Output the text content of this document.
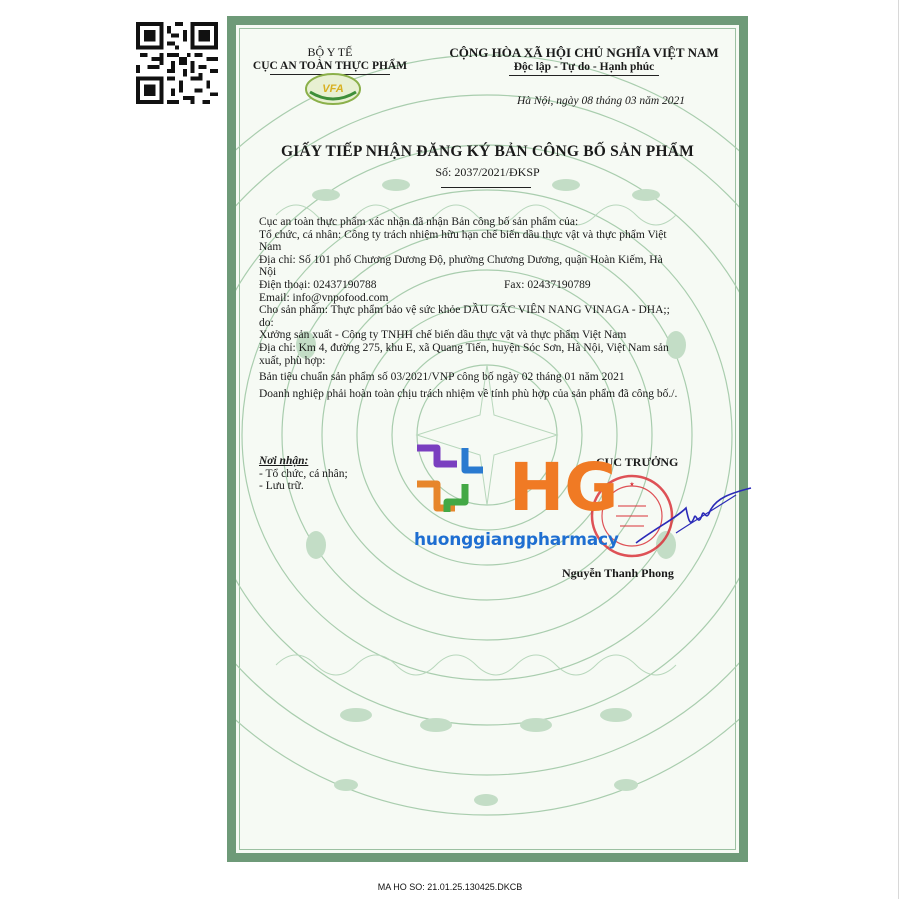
BỘ Y TẾ
CỤC AN TOÀN THỰC PHẨM
VFA
CỘNG HÒA XÃ HỘI CHỦ NGHĨA VIỆT NAM
Độc lập - Tự do - Hạnh phúc
Hà Nội, ngày 08 tháng 03 năm 2021
GIẤY TIẾP NHẬN ĐĂNG KÝ BẢN CÔNG BỐ SẢN PHẨM
Số: 2037/2021/ĐKSP
Cục an toàn thực phẩm xác nhận đã nhận Bản công bố sản phẩm của:
Tổ chức, cá nhân: Công ty trách nhiệm hữu hạn chế biến dầu thực vật và thực phẩm Việt
Nam
Địa chỉ: Số 101 phố Chương Dương Độ, phường Chương Dương, quận Hoàn Kiếm, Hà
Nội
Điện thoại: 02437190788	Fax: 02437190789
Email: info@vnpofood.com
Cho sản phẩm: Thực phẩm bảo vệ sức khỏe DẦU GẤC VIÊN NANG VINAGA - DHA;;
do:
Xưởng sản xuất - Công ty TNHH chế biến dầu thực vật và thực phẩm Việt Nam
Địa chỉ: Km 4, đường 275, khu E, xã Quang Tiến, huyện Sóc Sơn, Hà Nội, Việt Nam sản
xuất, phù hợp:
Bản tiêu chuẩn sản phẩm số 03/2021/VNP công bố ngày 02 tháng 01 năm 2021
Doanh nghiệp phải hoàn toàn chịu trách nhiệm về tính phù hợp của sản phẩm đã công bố./.
Nơi nhận:
- Tổ chức, cá nhân;
- Lưu trữ.
CỤC TRƯỞNG
★
Nguyễn Thanh Phong
HG
huonggiangpharmacy
MA HO SO: 21.01.25.130425.DKCB
